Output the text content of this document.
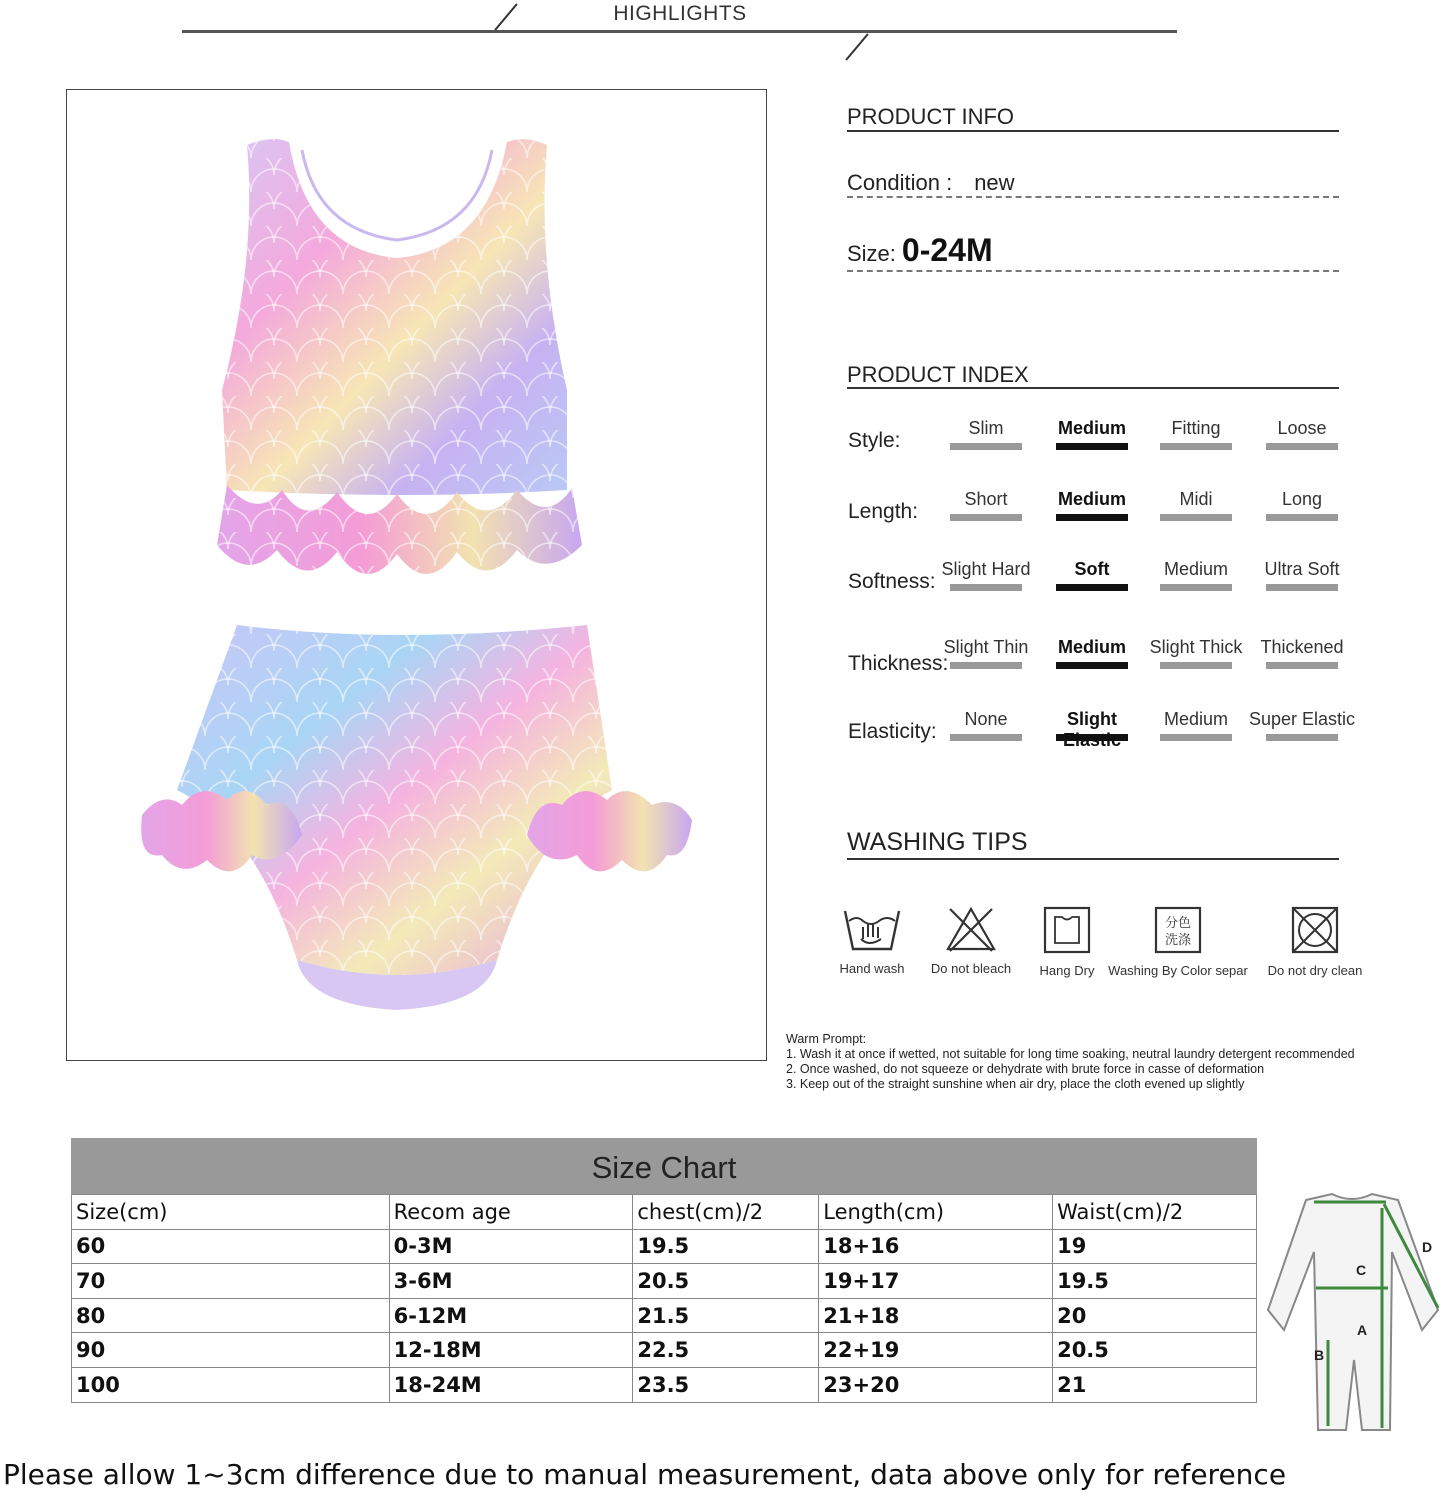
HIGHLIGHTS
PRODUCT INFO
Condition : new
Size: 0-24M
PRODUCT INDEX
Style:
Slim	Medium	Fitting	Loose
Length:
Short	Medium	Midi	Long
Softness:
Slight Hard	Soft	Medium	Ultra Soft
Thickness:
Slight Thin	Medium	Slight Thick	Thickened
Elasticity:
None	Slight	Medium	Super Elastic
WASHING TIPS
Hand wash	Do not bleach	Hang Dry
分色
洗涤
Washing By Color separ	Do not dry clean
Warm Prompt:
1. Wash it at once if wetted, not suitable for long time soaking, neutral laundry detergent recommended
2. Once washed, do not squeeze or dehydrate with brute force in casse of deformation
3. Keep out of the straight sunshine when air dry, place the cloth evened up slightly
Size Chart
Size(cm)	Recom age	chest(cm)/2	Length(cm)	Waist(cm)/2
60	0-3M	19.5	18+16	19
70	3-6M	20.5	19+17	19.5
80	6-12M	21.5	21+18	20
90	12-18M	22.5	22+19	20.5
100	18-24M	23.5	23+20	21
A
B
C
D
Please allow 1~3cm difference due to manual measurement, data above only for reference
